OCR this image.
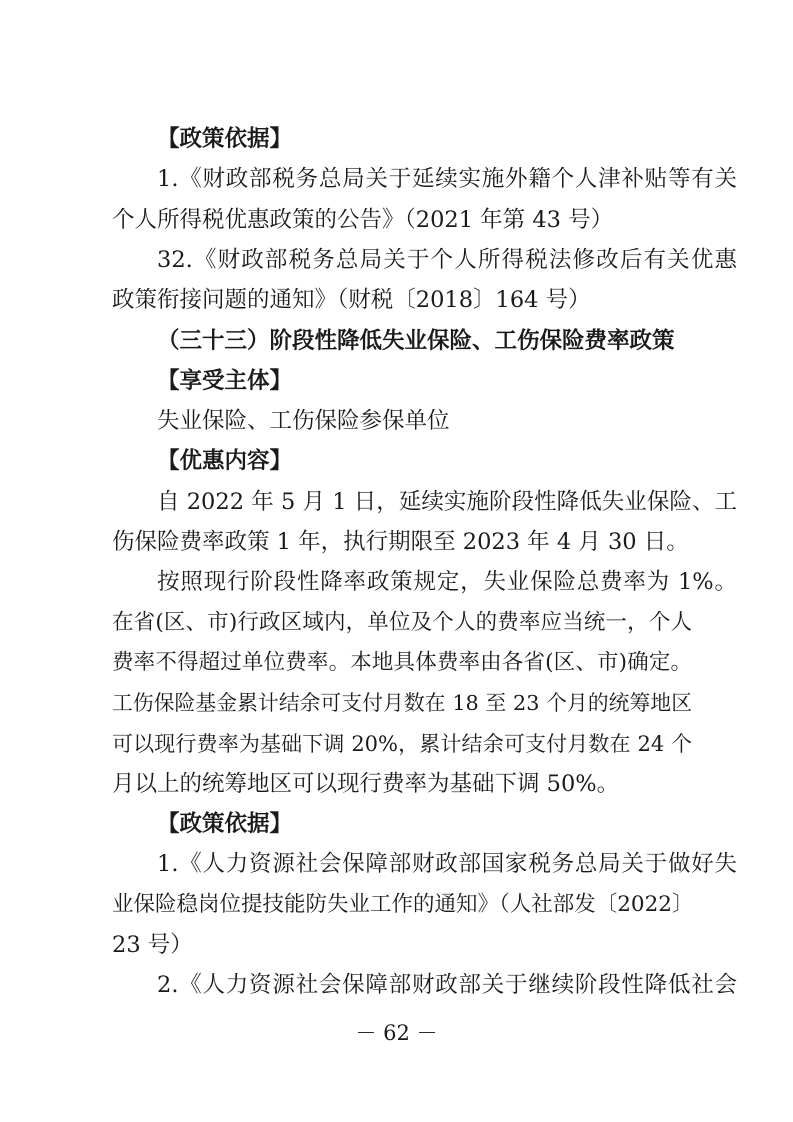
【政策依据】
1.《财政部税务总局关于延续实施外籍个人津补贴等有关
个人所得税优惠政策的公告》（2021 年第 43 号）
32.《财政部税务总局关于个人所得税法修改后有关优惠
政策衔接问题的通知》（财税〔2018〕164 号）
（三十三）阶段性降低失业保险、工伤保险费率政策
【享受主体】
失业保险、工伤保险参保单位
【优惠内容】
自 2022 年 5 月 1 日，延续实施阶段性降低失业保险、工
伤保险费率政策 1 年，执行期限至 2023 年 4 月 30 日。
按照现行阶段性降率政策规定，失业保险总费率为 1%。
在省(区、市)行政区域内，单位及个人的费率应当统一，个人
费率不得超过单位费率。本地具体费率由各省(区、市)确定。
工伤保险基金累计结余可支付月数在 18 至 23 个月的统筹地区
可以现行费率为基础下调 20%，累计结余可支付月数在 24 个
月以上的统筹地区可以现行费率为基础下调 50%。
【政策依据】
1.《人力资源社会保障部财政部国家税务总局关于做好失
业保险稳岗位提技能防失业工作的通知》（人社部发〔2022〕
23 号）
2.《人力资源社会保障部财政部关于继续阶段性降低社会
－ 62 －
